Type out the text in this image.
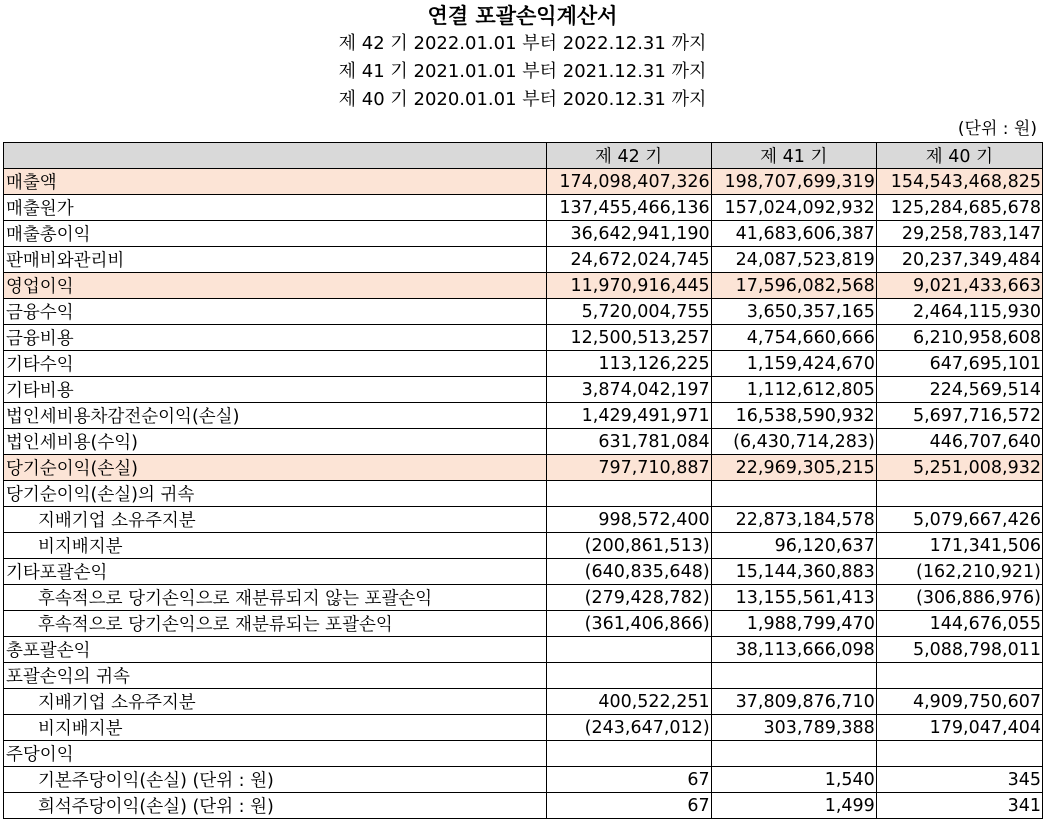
연결 포괄손익계산서
제 42 기 2022.01.01 부터 2022.12.31 까지
제 41 기 2021.01.01 부터 2021.12.31 까지
제 40 기 2020.01.01 부터 2020.12.31 까지
(단위 : 원)
	제 42 기	제 41 기	제 40 기
매출액	174,098,407,326	198,707,699,319	154,543,468,825
매출원가	137,455,466,136	157,024,092,932	125,284,685,678
매출총이익	36,642,941,190	41,683,606,387	29,258,783,147
판매비와관리비	24,672,024,745	24,087,523,819	20,237,349,484
영업이익	11,970,916,445	17,596,082,568	9,021,433,663
금융수익	5,720,004,755	3,650,357,165	2,464,115,930
금융비용	12,500,513,257	4,754,660,666	6,210,958,608
기타수익	113,126,225	1,159,424,670	647,695,101
기타비용	3,874,042,197	1,112,612,805	224,569,514
법인세비용차감전순이익(손실)	1,429,491,971	16,538,590,932	5,697,716,572
법인세비용(수익)	631,781,084	(6,430,714,283)	446,707,640
당기순이익(손실)	797,710,887	22,969,305,215	5,251,008,932
당기순이익(손실)의 귀속			
지배기업 소유주지분	998,572,400	22,873,184,578	5,079,667,426
비지배지분	(200,861,513)	96,120,637	171,341,506
기타포괄손익	(640,835,648)	15,144,360,883	(162,210,921)
후속적으로 당기손익으로 재분류되지 않는 포괄손익	(279,428,782)	13,155,561,413	(306,886,976)
후속적으로 당기손익으로 재분류되는 포괄손익	(361,406,866)	1,988,799,470	144,676,055
총포괄손익		38,113,666,098	5,088,798,011
포괄손익의 귀속			
지배기업 소유주지분	400,522,251	37,809,876,710	4,909,750,607
비지배지분	(243,647,012)	303,789,388	179,047,404
주당이익			
기본주당이익(손실) (단위 : 원)	67	1,540	345
희석주당이익(손실) (단위 : 원)	67	1,499	341
